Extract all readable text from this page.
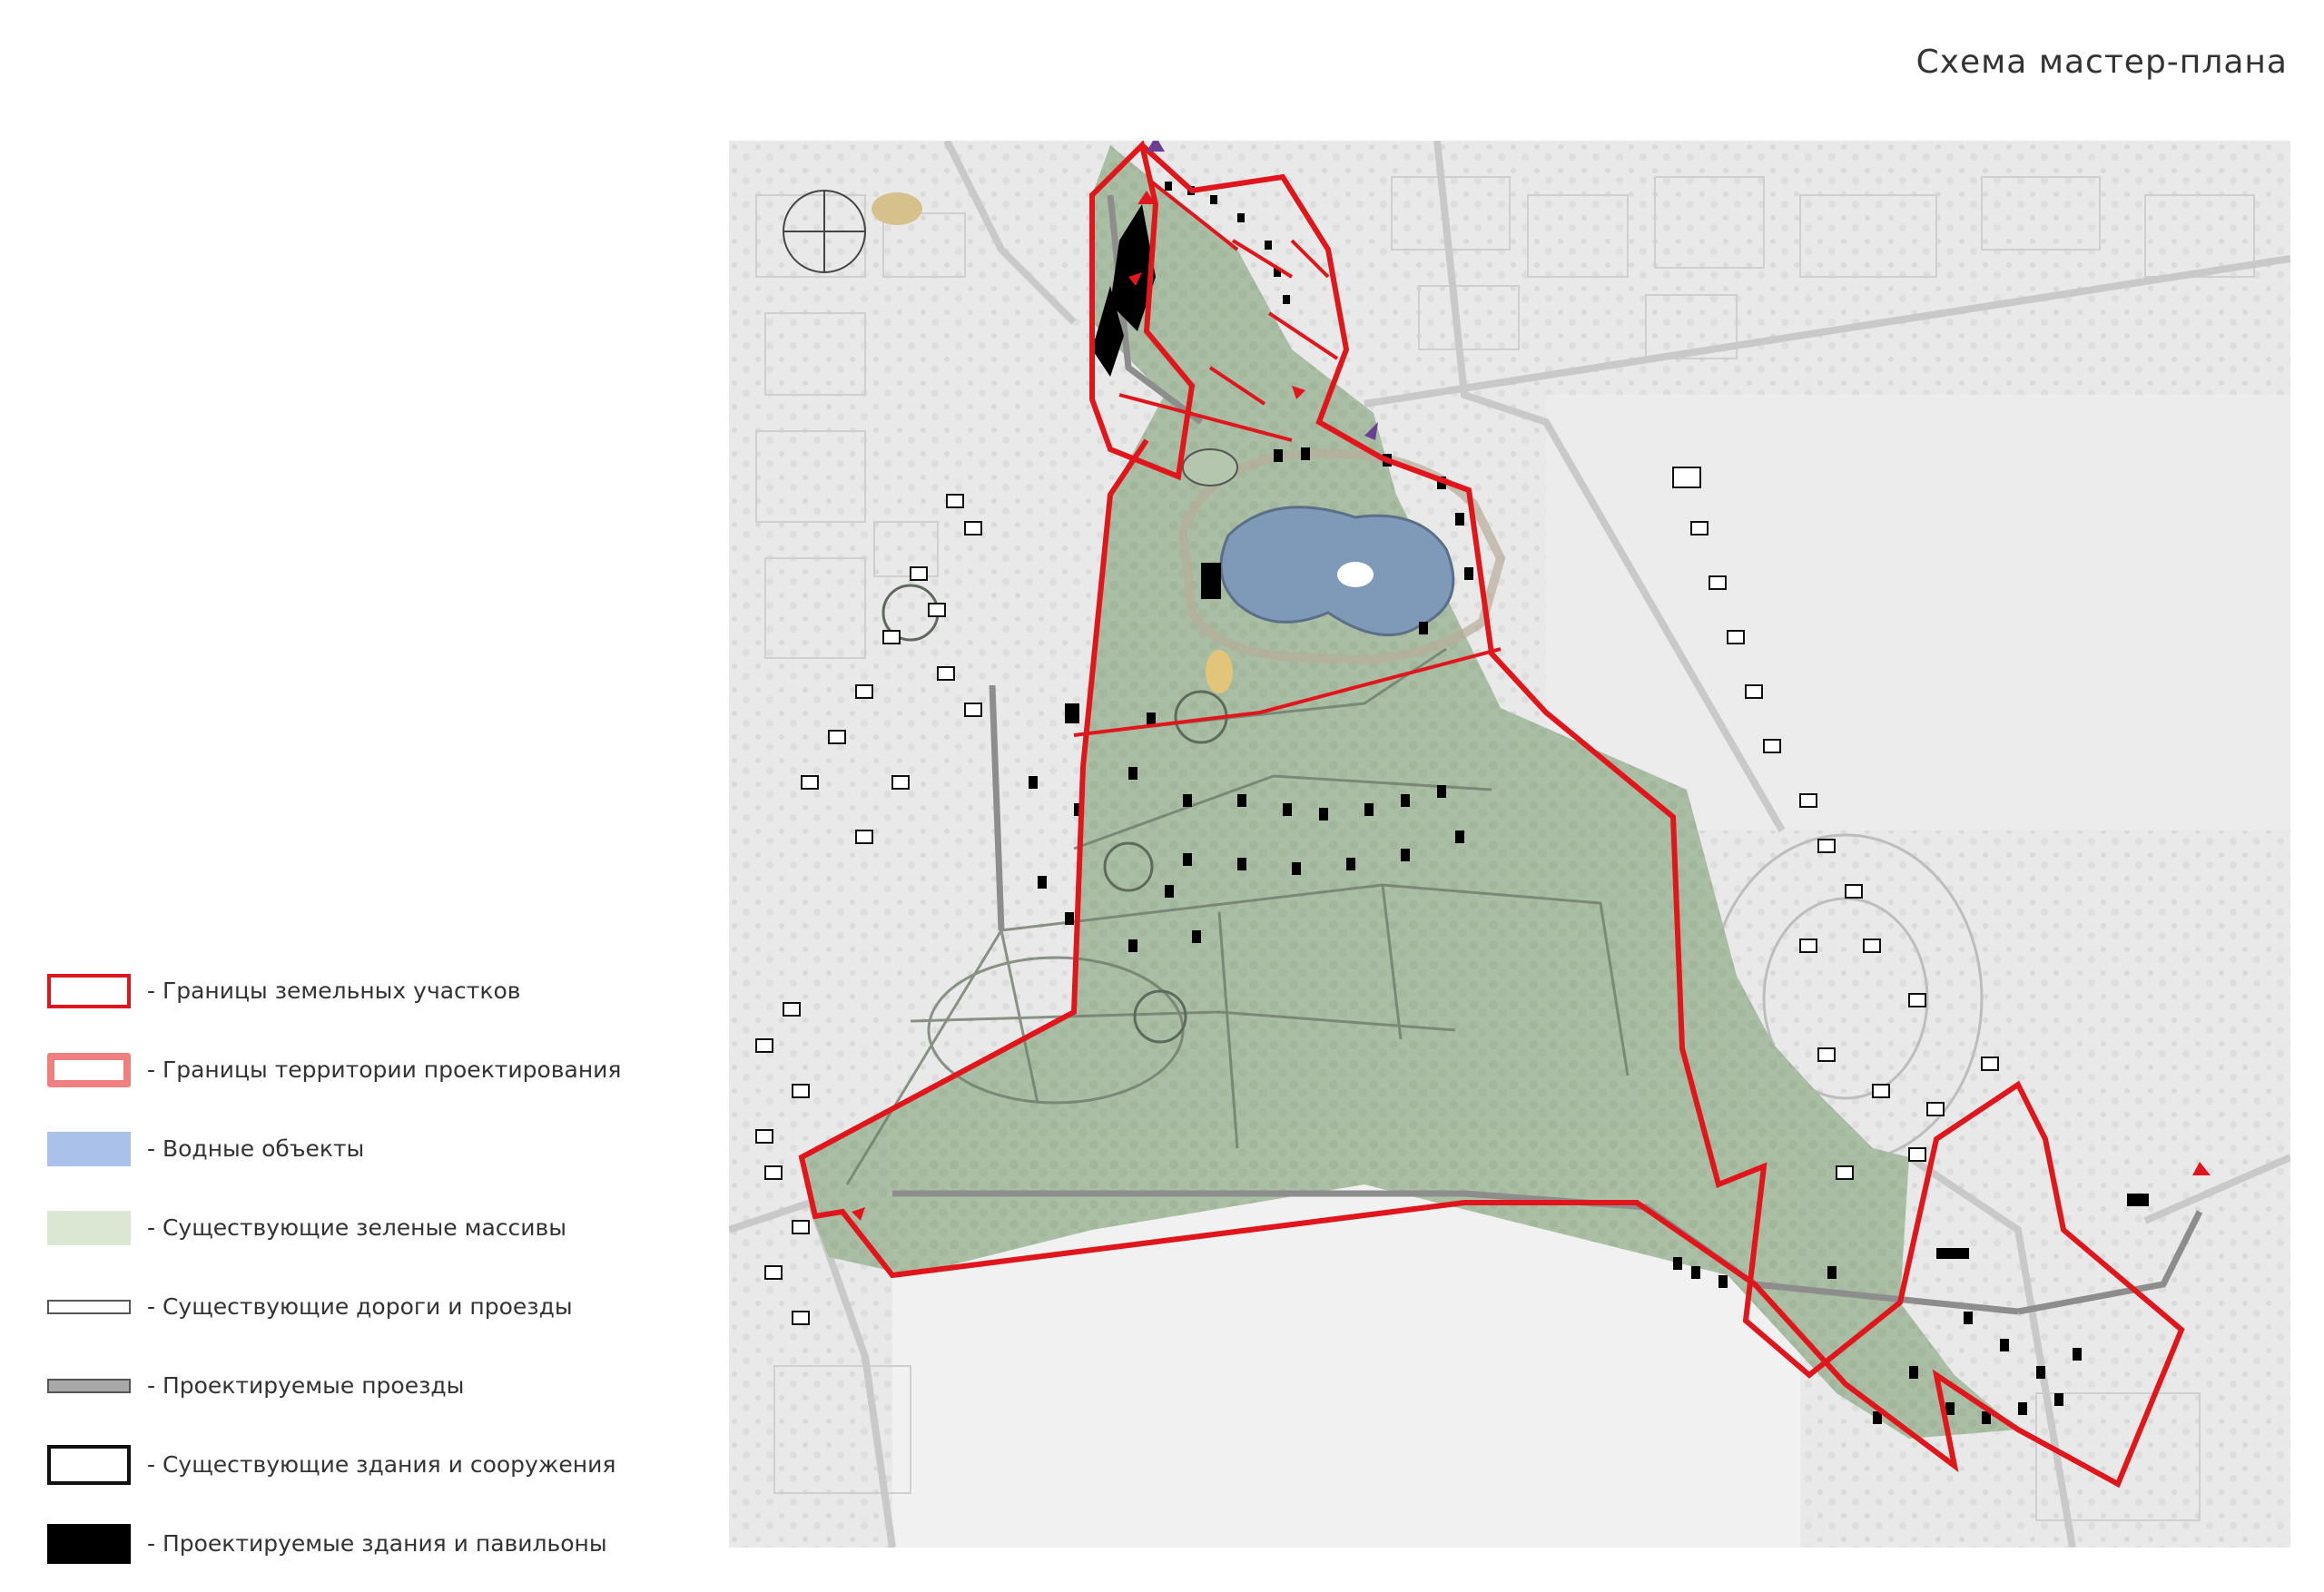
Схема мастер-плана
- Границы земельных участков
- Границы территории проектирования
- Водные объекты
- Существующие зеленые массивы
- Существующие дороги и проезды
- Проектируемые проезды
- Существующие здания и сооружения
- Проектируемые здания и павильоны
